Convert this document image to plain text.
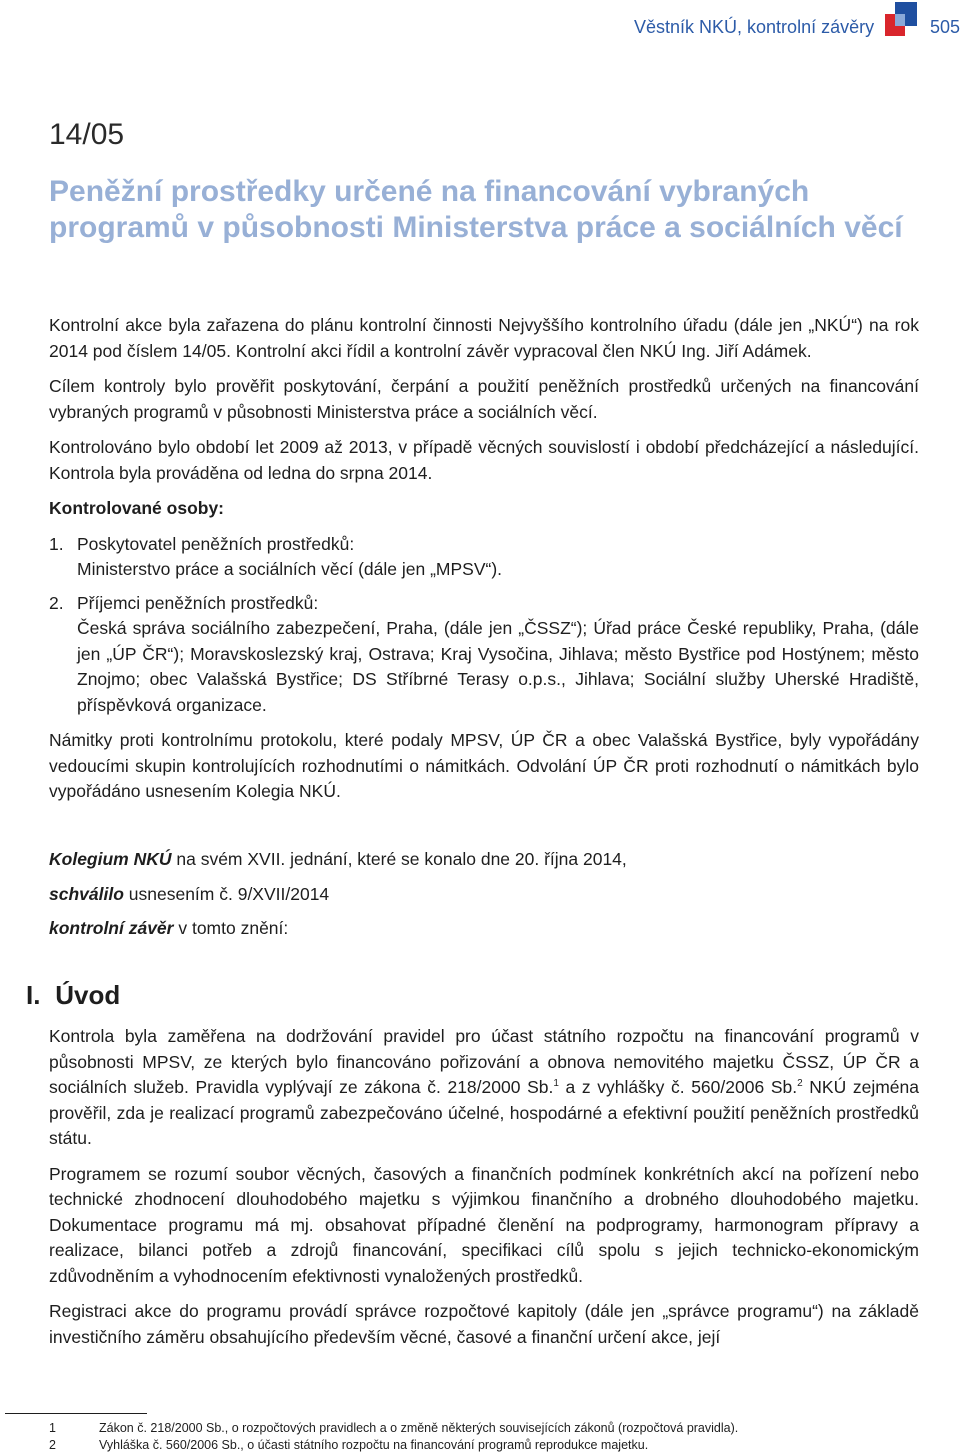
Věstník NKÚ, kontrolní závěry	505
14/05
Peněžní prostředky určené na financování vybraných programů v působnosti Ministerstva práce a sociálních věcí

Kontrolní akce byla zařazena do plánu kontrolní činnosti Nejvyššího kontrolního úřadu (dále jen „NKÚ“) na rok 2014 pod číslem 14/05. Kontrolní akci řídil a kontrolní závěr vypracoval člen NKÚ Ing. Jiří Adámek.

Cílem kontroly bylo prověřit poskytování, čerpání a použití peněžních prostředků určených na financování vybraných programů v působnosti Ministerstva práce a sociálních věcí.

Kontrolováno bylo období let 2009 až 2013, v případě věcných souvislostí i období předcházející a následující. Kontrola byla prováděna od ledna do srpna 2014.

Kontrolované osoby:

1. Poskytovatel peněžních prostředků:
Ministerstvo práce a sociálních věcí (dále jen „MPSV“).
2. Příjemci peněžních prostředků:
Česká správa sociálního zabezpečení, Praha, (dále jen „ČSSZ“); Úřad práce České republiky, Praha, (dále jen „ÚP ČR“); Moravskoslezský kraj, Ostrava; Kraj Vysočina, Jihlava; město Bystřice pod Hostýnem; město Znojmo; obec Valašská Bystřice; DS Stříbrné Terasy o.p.s., Jihlava; Sociální služby Uherské Hradiště, příspěvková organizace.

Námitky proti kontrolnímu protokolu, které podaly MPSV, ÚP ČR a obec Valašská Bystřice, byly vypořádány vedoucími skupin kontrolujících rozhodnutími o námitkách. Odvolání ÚP ČR proti rozhodnutí o námitkách bylo vypořádáno usnesením Kolegia NKÚ.

Kolegium NKÚ na svém XVII. jednání, které se konalo dne 20. října 2014,

schválilo usnesením č. 9/XVII/2014

kontrolní závěr v tomto znění:

I. Úvod

Kontrola byla zaměřena na dodržování pravidel pro účast státního rozpočtu na financování programů v působnosti MPSV, ze kterých bylo financováno pořizování a obnova nemovitého majetku ČSSZ, ÚP ČR a sociálních služeb. Pravidla vyplývají ze zákona č. 218/2000 Sb.$^1$ a z vyhlášky č. 560/2006 Sb.$^2$ NKÚ zejména prověřil, zda je realizací programů zabezpečováno účelné, hospodárné a efektivní použití peněžních prostředků státu.

Programem se rozumí soubor věcných, časových a finančních podmínek konkrétních akcí na pořízení nebo technické zhodnocení dlouhodobého majetku s výjimkou finančního a drobného dlouhodobého majetku. Dokumentace programu má mj. obsahovat případné členění na podprogramy, harmonogram přípravy a realizace, bilanci potřeb a zdrojů financování, specifikaci cílů spolu s jejich technicko-ekonomickým zdůvodněním a vyhodnocením efektivnosti vynaložených prostředků.

Registraci akce do programu provádí správce rozpočtové kapitoly (dále jen „správce programu“) na základě investičního záměru obsahujícího především věcné, časové a finanční určení akce, její

1	Zákon č. 218/2000 Sb., o rozpočtových pravidlech a o změně některých souvisejících zákonů (rozpočtová pravidla).
2	Vyhláška č. 560/2006 Sb., o účasti státního rozpočtu na financování programů reprodukce majetku.
